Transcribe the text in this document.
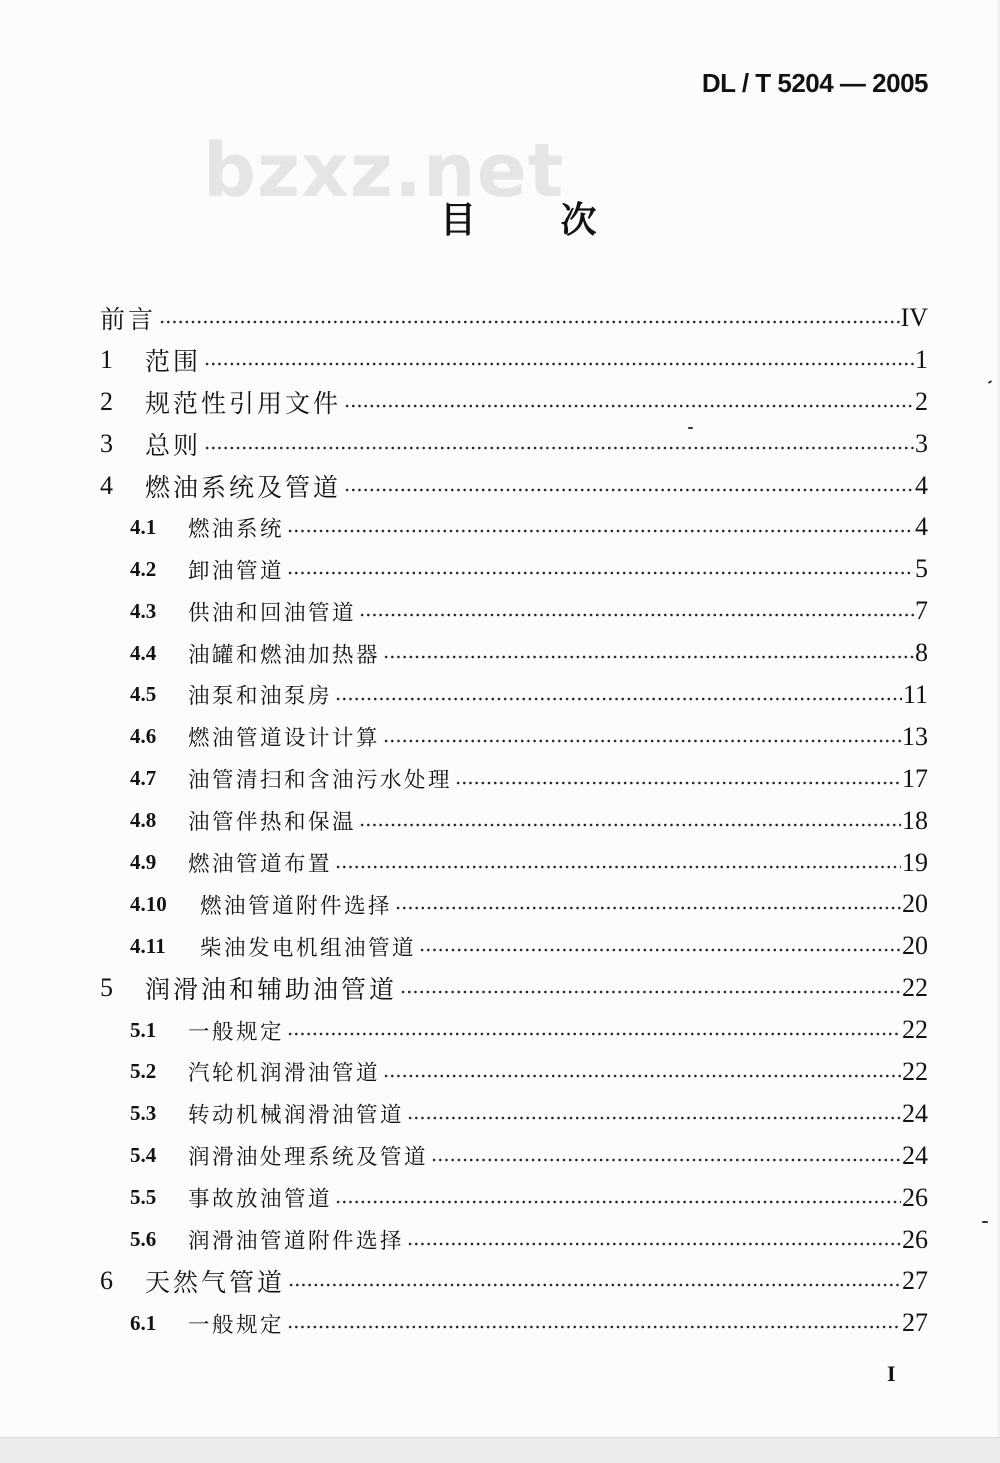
DL / T 5204 — 2005
bzxz.net
目 次
前言	IV
1	范围	1
2	规范性引用文件	2
3	总则	3
4	燃油系统及管道	4
4.1	燃油系统	4
4.2	卸油管道	5
4.3	供油和回油管道	7
4.4	油罐和燃油加热器	8
4.5	油泵和油泵房	11
4.6	燃油管道设计计算	13
4.7	油管清扫和含油污水处理	17
4.8	油管伴热和保温	18
4.9	燃油管道布置	19
4.10	燃油管道附件选择	20
4.11	柴油发电机组油管道	20
5	润滑油和辅助油管道	22
5.1	一般规定	22
5.2	汽轮机润滑油管道	22
5.3	转动机械润滑油管道	24
5.4	润滑油处理系统及管道	24
5.5	事故放油管道	26
5.6	润滑油管道附件选择	26
6	天然气管道	27
6.1	一般规定	27
I
